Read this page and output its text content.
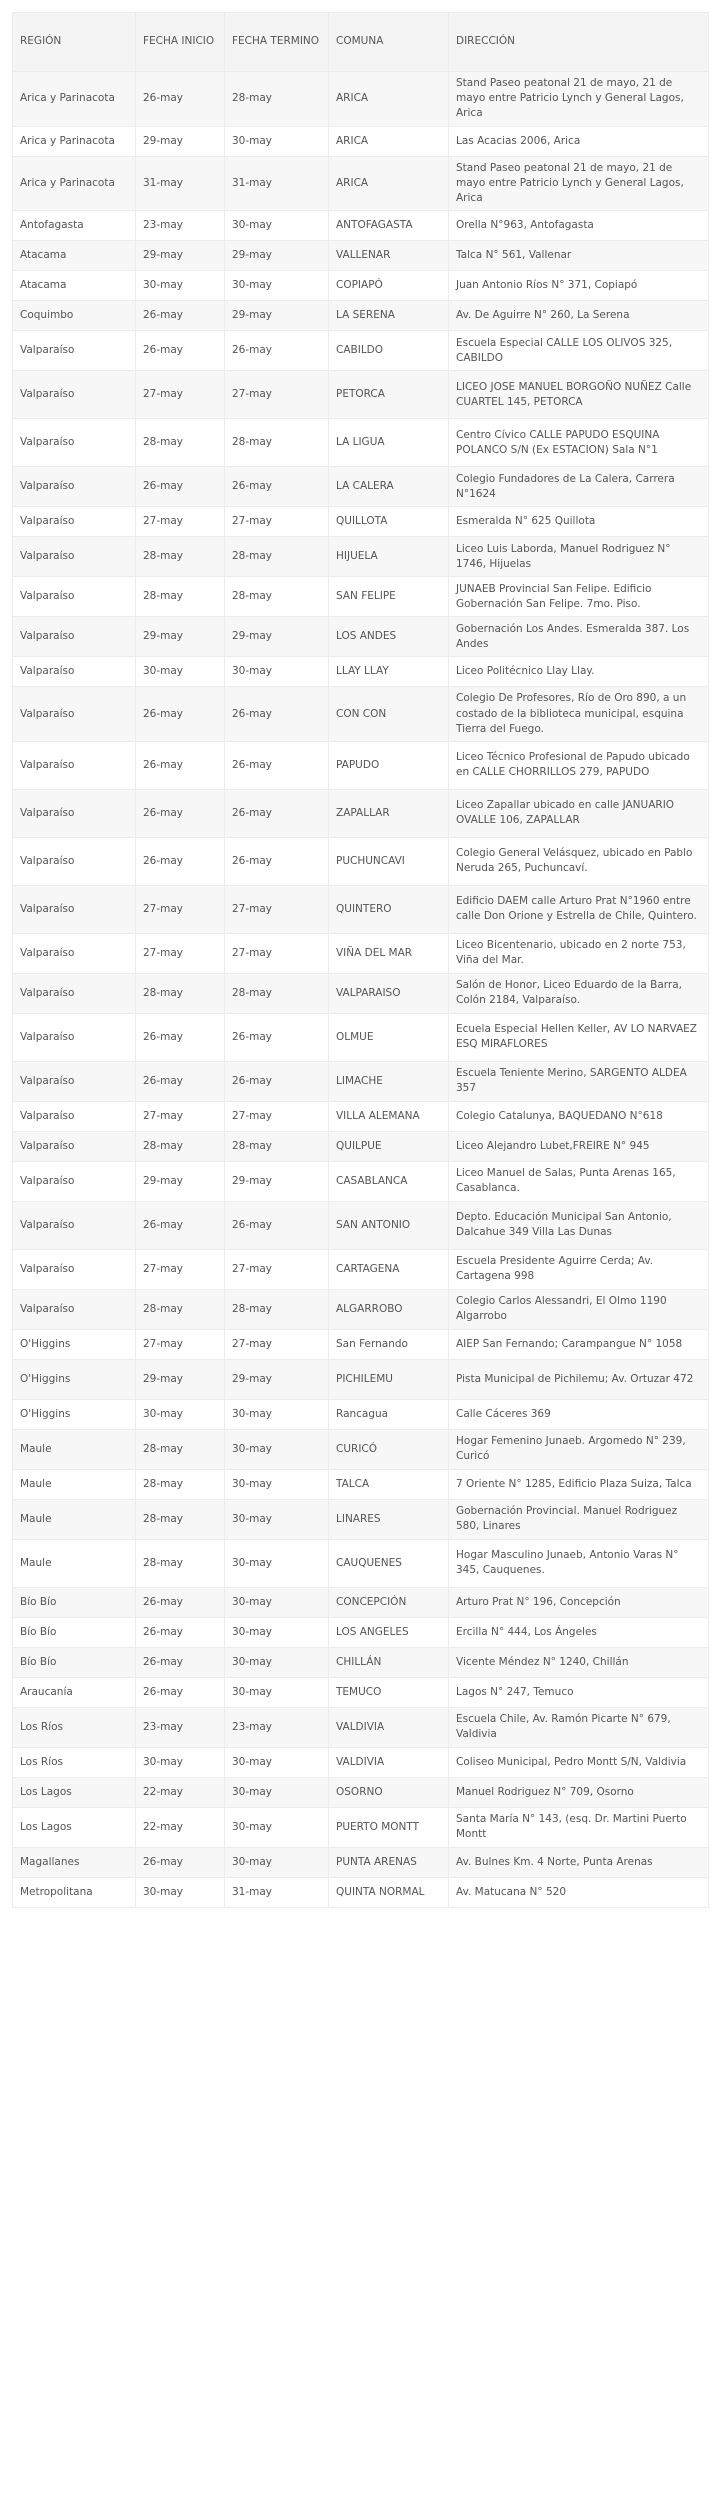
REGIÓN	FECHA INICIO	FECHA TERMINO	COMUNA	DIRECCIÓN
Arica y Parinacota	26-may	28-may	ARICA	Stand Paseo peatonal 21 de mayo, 21 de mayo entre Patricio Lynch y General Lagos, Arica
Arica y Parinacota	29-may	30-may	ARICA	Las Acacias 2006, Arica
Arica y Parinacota	31-may	31-may	ARICA	Stand Paseo peatonal 21 de mayo, 21 de mayo entre Patricio Lynch y General Lagos, Arica
Antofagasta	23-may	30-may	ANTOFAGASTA	Orella N°963, Antofagasta
Atacama	29-may	29-may	VALLENAR	Talca N° 561, Vallenar
Atacama	30-may	30-may	COPIAPÓ	Juan Antonio Ríos N° 371, Copiapó
Coquimbo	26-may	29-may	LA SERENA	Av. De Aguirre N° 260, La Serena
Valparaíso	26-may	26-may	CABILDO	Escuela Especial CALLE LOS OLIVOS 325, CABILDO
Valparaíso	27-may	27-may	PETORCA	LICEO JOSE MANUEL BORGOÑO NUÑEZ Calle CUARTEL 145, PETORCA
Valparaíso	28-may	28-may	LA LIGUA	Centro Cívico CALLE PAPUDO ESQUINA POLANCO S/N (Ex ESTACION) Sala N°1
Valparaíso	26-may	26-may	LA CALERA	Colegio Fundadores de La Calera, Carrera N°1624
Valparaíso	27-may	27-may	QUILLOTA	Esmeralda N° 625 Quillota
Valparaíso	28-may	28-may	HIJUELA	Liceo Luis Laborda, Manuel Rodriguez N° 1746, Hijuelas
Valparaíso	28-may	28-may	SAN FELIPE	JUNAEB Provincial San Felipe. Edificio Gobernación San Felipe. 7mo. Piso.
Valparaíso	29-may	29-may	LOS ANDES	Gobernación Los Andes. Esmeralda 387. Los Andes
Valparaíso	30-may	30-may	LLAY LLAY	Liceo Politécnico Llay Llay.
Valparaíso	26-may	26-may	CON CON	Colegio De Profesores, Río de Oro 890, a un costado de la biblioteca municipal, esquina Tierra del Fuego.
Valparaíso	26-may	26-may	PAPUDO	Liceo Técnico Profesional de Papudo ubicado en CALLE CHORRILLOS 279, PAPUDO
Valparaíso	26-may	26-may	ZAPALLAR	Liceo Zapallar ubicado en calle JANUARIO OVALLE 106, ZAPALLAR
Valparaíso	26-may	26-may	PUCHUNCAVI	Colegio General Velásquez, ubicado en Pablo Neruda 265, Puchuncaví.
Valparaíso	27-may	27-may	QUINTERO	Edificio DAEM calle Arturo Prat N°1960 entre calle Don Orione y Estrella de Chile, Quintero.
Valparaíso	27-may	27-may	VIÑA DEL MAR	Liceo Bicentenario, ubicado en 2 norte 753, Viña del Mar.
Valparaíso	28-may	28-may	VALPARAISO	Salón de Honor, Liceo Eduardo de la Barra, Colón 2184, Valparaíso.
Valparaíso	26-may	26-may	OLMUE	Ecuela Especial Hellen Keller, AV LO NARVAEZ ESQ MIRAFLORES
Valparaíso	26-may	26-may	LIMACHE	Escuela Teniente Merino, SARGENTO ALDEA 357
Valparaíso	27-may	27-may	VILLA ALEMANA	Colegio Catalunya, BAQUEDANO N°618
Valparaíso	28-may	28-may	QUILPUE	Liceo Alejandro Lubet,FREIRE N° 945
Valparaíso	29-may	29-may	CASABLANCA	Liceo Manuel de Salas, Punta Arenas 165, Casablanca.
Valparaíso	26-may	26-may	SAN ANTONIO	Depto. Educación Municipal San Antonio, Dalcahue 349 Villa Las Dunas
Valparaíso	27-may	27-may	CARTAGENA	Escuela Presidente Aguirre Cerda; Av. Cartagena 998
Valparaíso	28-may	28-may	ALGARROBO	Colegio Carlos Alessandri, El Olmo 1190 Algarrobo
O'Higgins	27-may	27-may	San Fernando	AIEP San Fernando; Carampangue N° 1058
O'Higgins	29-may	29-may	PICHILEMU	Pista Municipal de Pichilemu; Av. Ortuzar 472
O'Higgins	30-may	30-may	Rancagua	Calle Cáceres 369
Maule	28-may	30-may	CURICÓ	Hogar Femenino Junaeb. Argomedo N° 239, Curicó
Maule	28-may	30-may	TALCA	7 Oriente N° 1285, Edificio Plaza Suiza, Talca
Maule	28-may	30-may	LINARES	Gobernación Provincial. Manuel Rodriguez 580, Linares
Maule	28-may	30-may	CAUQUENES	Hogar Masculino Junaeb, Antonio Varas N° 345, Cauquenes.
Bío Bío	26-may	30-may	CONCEPCIÓN	Arturo Prat N° 196, Concepción
Bío Bío	26-may	30-may	LOS ANGELES	Ercilla N° 444, Los Ángeles
Bío Bío	26-may	30-may	CHILLÁN	Vicente Méndez N° 1240, Chillán
Araucanía	26-may	30-may	TEMUCO	Lagos N° 247, Temuco
Los Ríos	23-may	23-may	VALDIVIA	Escuela Chile, Av. Ramón Picarte N° 679, Valdivia
Los Ríos	30-may	30-may	VALDIVIA	Coliseo Municipal, Pedro Montt S/N, Valdivia
Los Lagos	22-may	30-may	OSORNO	Manuel Rodriguez N° 709, Osorno
Los Lagos	22-may	30-may	PUERTO MONTT	Santa María N° 143, (esq. Dr. Martini Puerto Montt
Magallanes	26-may	30-may	PUNTA ARENAS	Av. Bulnes Km. 4 Norte, Punta Arenas
Metropolitana	30-may	31-may	QUINTA NORMAL	Av. Matucana N° 520
